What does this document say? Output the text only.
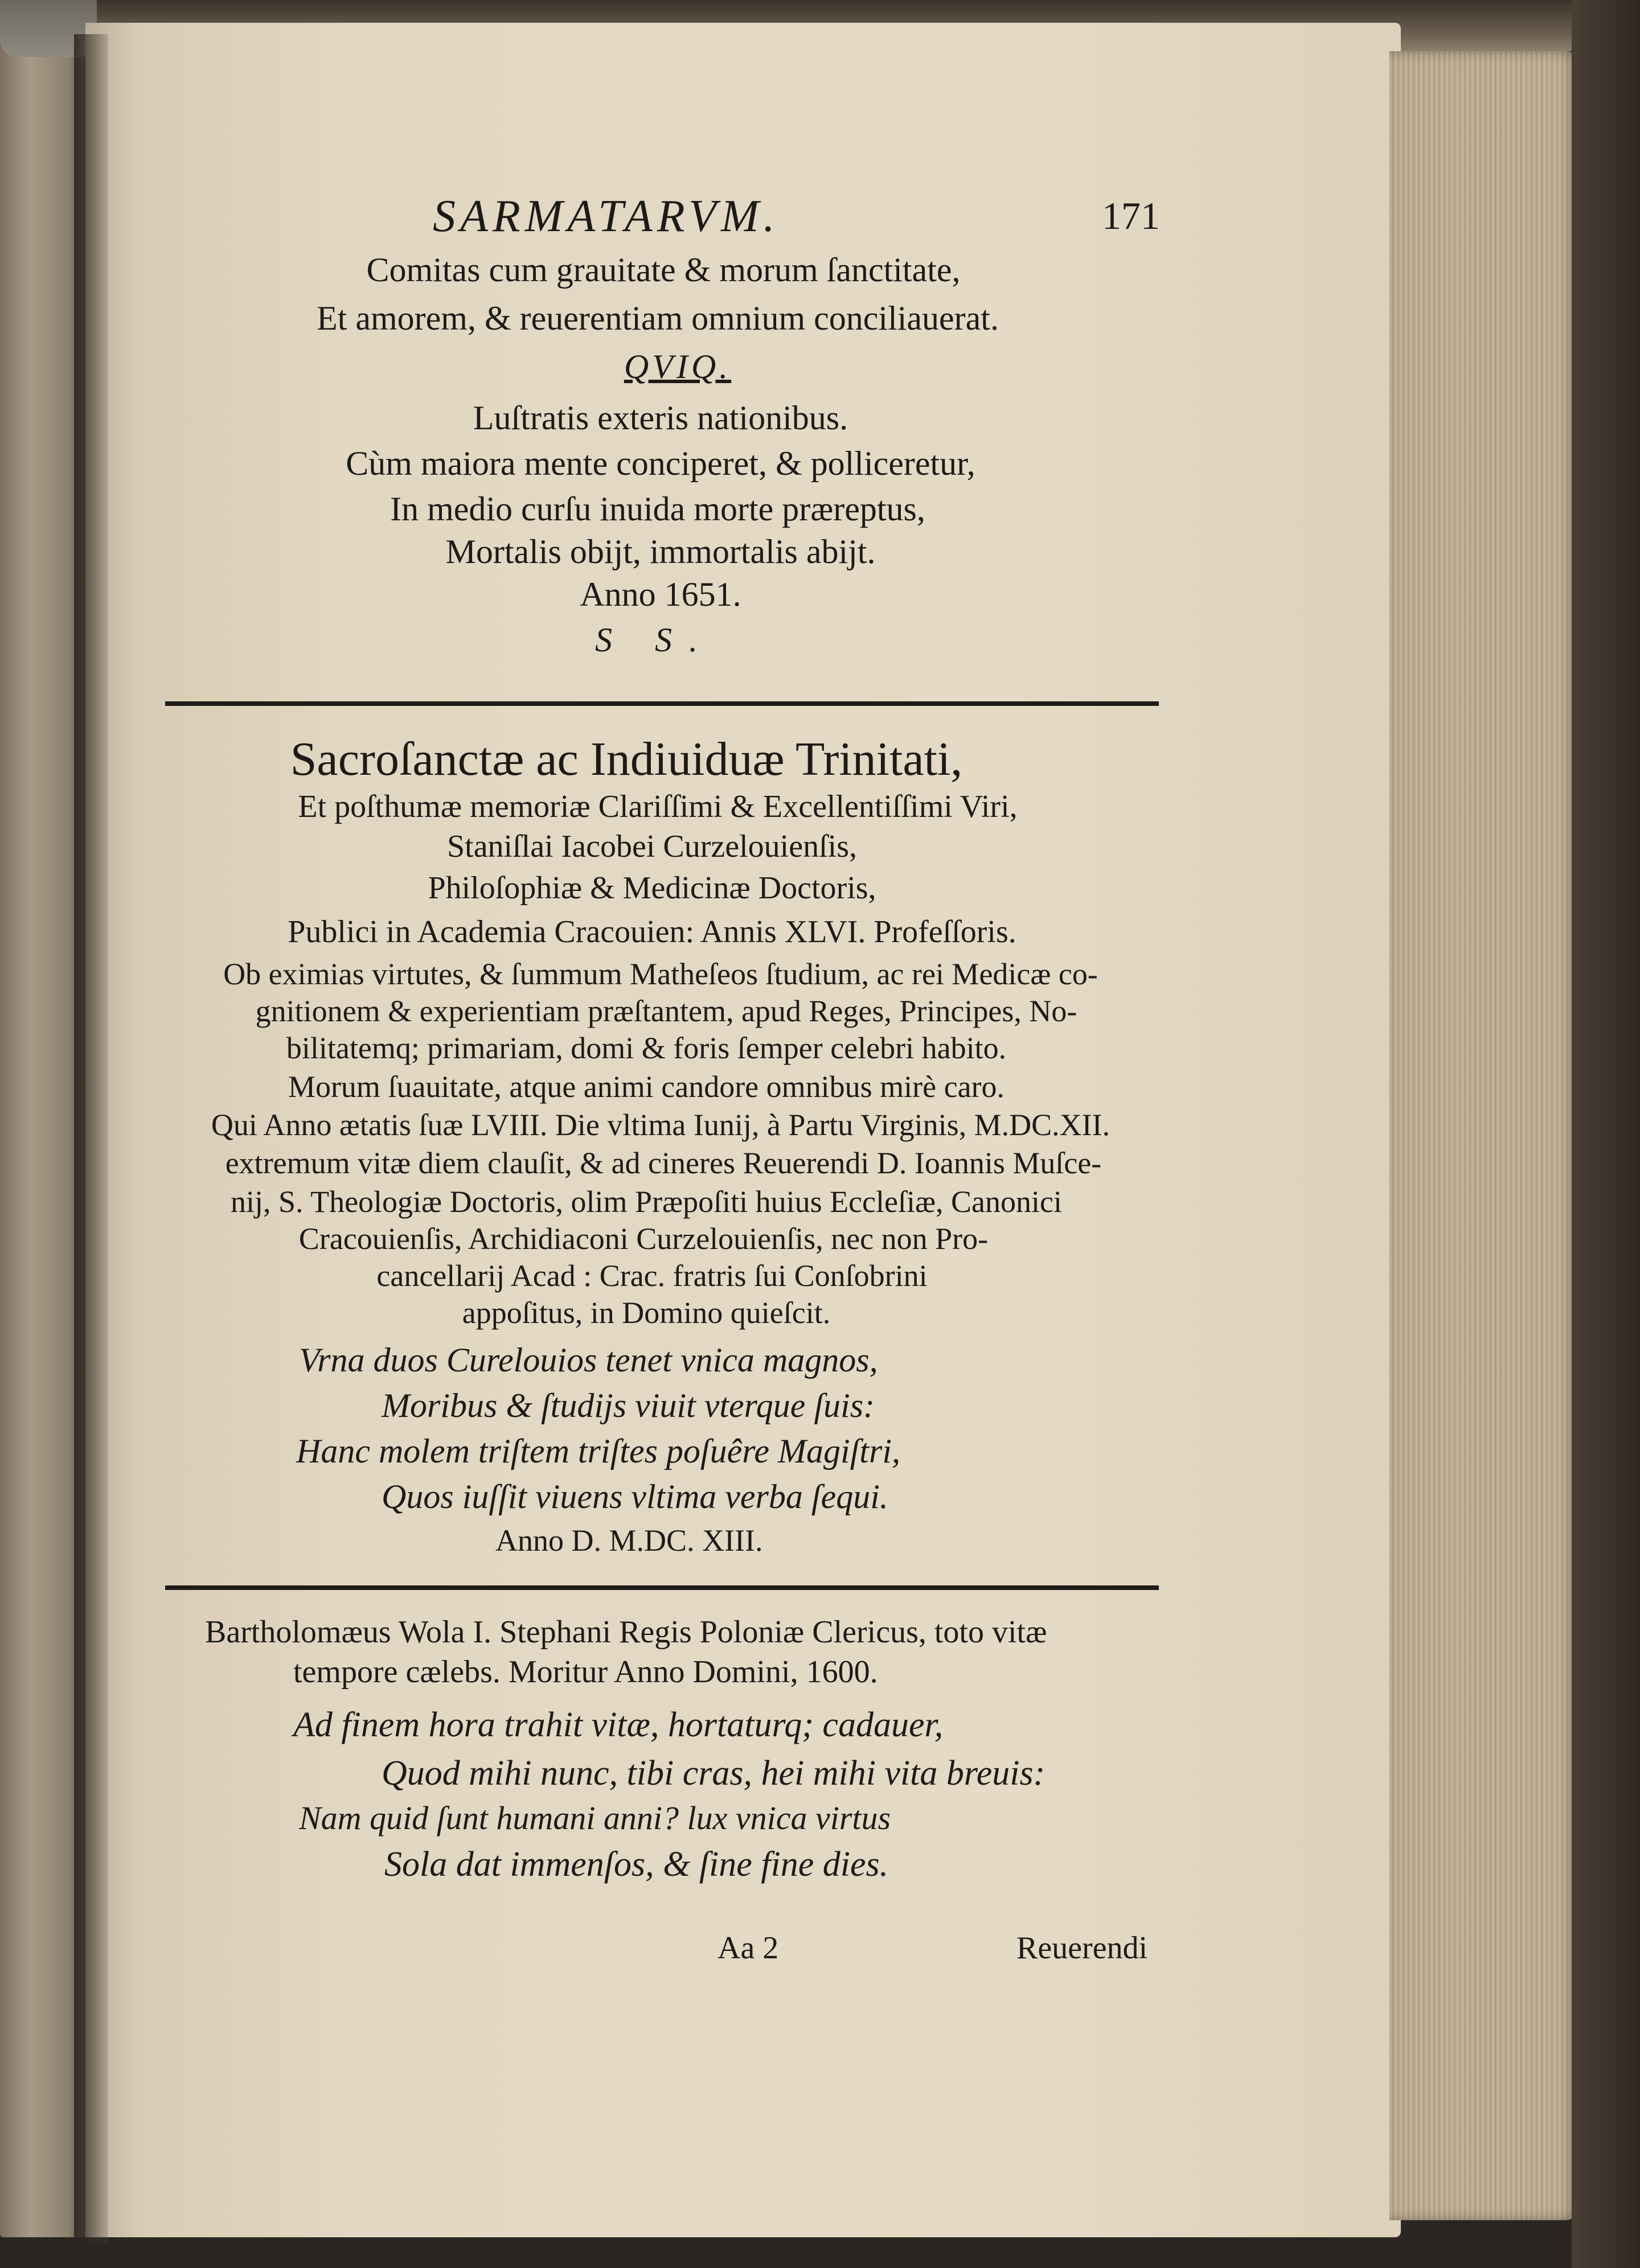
SARMATARVM.	171
Comitas cum grauitate & morum ſanctitate,
Et amorem, & reuerentiam omnium conciliauerat.
QVIQ.
Luſtratis exteris nationibus.
Cùm maiora mente conciperet, & polliceretur,
In medio curſu inuida morte præreptus,
Mortalis obijt, immortalis abijt.
Anno 1651.
S S.
Sacroſanctæ ac Indiuiduæ Trinitati,
Et poſthumæ memoriæ Clariſſimi & Excellentiſſimi Viri,
Staniſlai Iacobei Curzelouienſis,
Philoſophiæ & Medicinæ Doctoris,
Publici in Academia Cracouien: Annis XLVI. Profeſſoris.
Ob eximias virtutes, & ſummum Matheſeos ſtudium, ac rei Medicæ co-
gnitionem & experientiam præſtantem, apud Reges, Principes, No-
bilitatemq; primariam, domi & foris ſemper celebri habito.
Morum ſuauitate, atque animi candore omnibus mirè caro.
Qui Anno ætatis ſuæ LVIII. Die vltima Iunij, à Partu Virginis, M.DC.XII.
extremum vitæ diem clauſit, & ad cineres Reuerendi D. Ioannis Muſce-
nij, S. Theologiæ Doctoris, olim Præpoſiti huius Eccleſiæ, Canonici
Cracouienſis, Archidiaconi Curzelouienſis, nec non Pro-
cancellarij Acad : Crac. fratris ſui Conſobrini
appoſitus, in Domino quieſcit.
Vrna duos Curelouios tenet vnica magnos,
Moribus & ſtudijs viuit vterque ſuis:
Hanc molem triſtem triſtes poſuêre Magiſtri,
Quos iuſſit viuens vltima verba ſequi.
Anno D. M.DC. XIII.
Bartholomæus Wola I. Stephani Regis Poloniæ Clericus, toto vitæ
tempore cælebs. Moritur Anno Domini, 1600.
Ad finem hora trahit vitæ, hortaturq; cadauer,
Quod mihi nunc, tibi cras, hei mihi vita breuis:
Nam quid ſunt humani anni? lux vnica virtus
Sola dat immenſos, & ſine fine dies.
Aa 2	Reuerendi
